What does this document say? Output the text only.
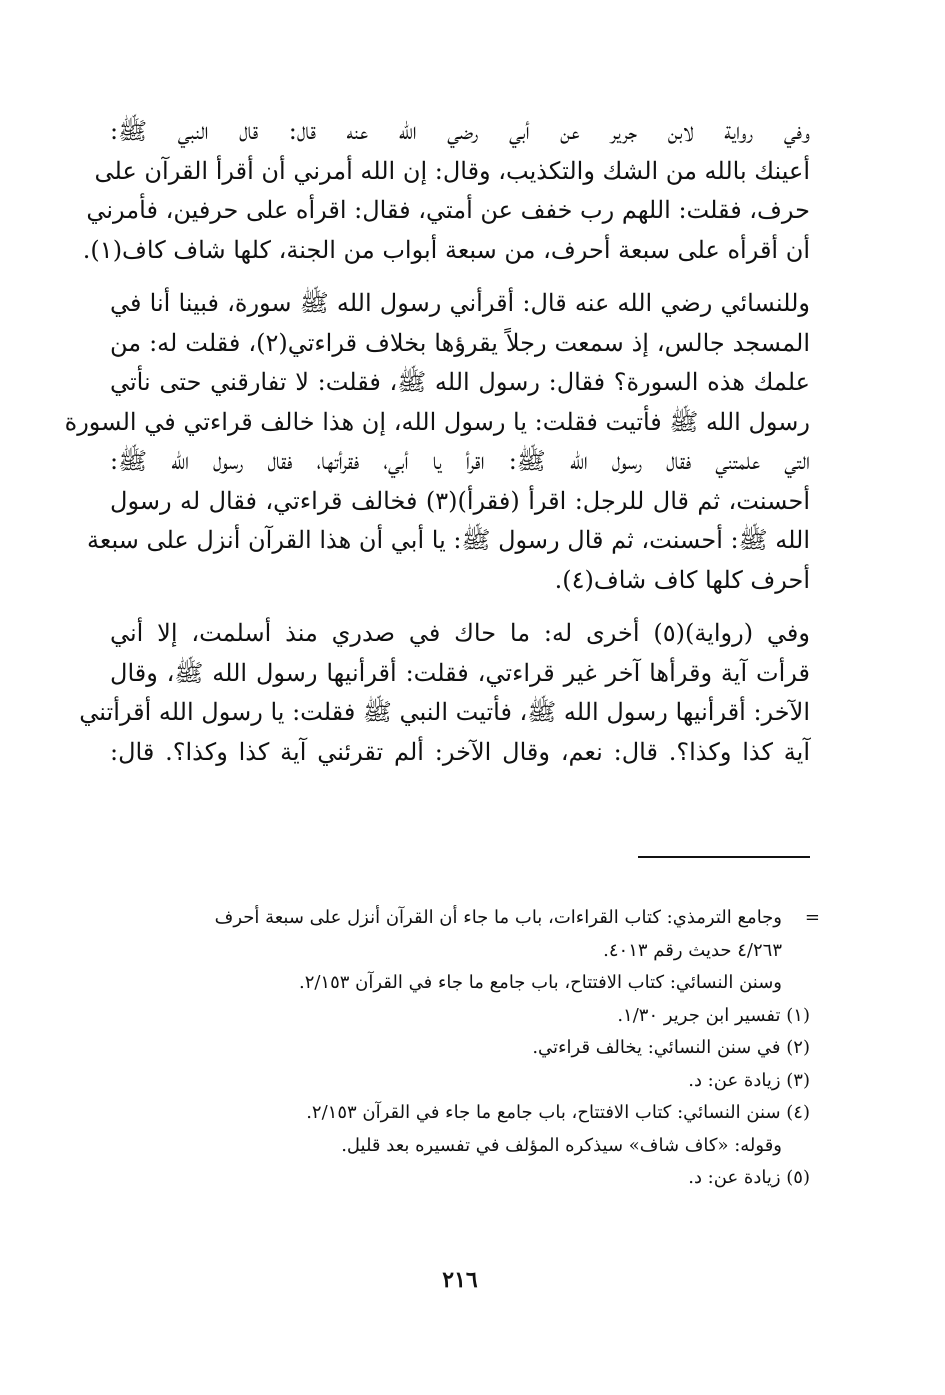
وفي رواية لابن جرير عن أبي رضي الله عنه قال: قال النبي ﷺ:
أعينك بالله من الشك والتكذيب، وقال: إن الله أمرني أن أقرأ القرآن على
حرف، فقلت: اللهم رب خفف عن أمتي، فقال: اقرأه على حرفين، فأمرني
أن أقرأه على سبعة أحرف، من سبعة أبواب من الجنة، كلها شاف كاف(١).
وللنسائي رضي الله عنه قال: أقرأني رسول الله ﷺ سورة، فبينا أنا في
المسجد جالس، إذ سمعت رجلاً يقرؤها بخلاف قراءتي(٢)، فقلت له: من
علمك هذه السورة؟ فقال: رسول الله ﷺ، فقلت: لا تفارقني حتى نأتي
رسول الله ﷺ فأتيت فقلت: يا رسول الله، إن هذا خالف قراءتي في السورة
التي علمتني فقال رسول الله ﷺ: اقرأ يا أبي، فقرأتها، فقال رسول الله ﷺ:
أحسنت، ثم قال للرجل: اقرأ (فقرأ)(٣) فخالف قراءتي، فقال له رسول
الله ﷺ: أحسنت، ثم قال رسول ﷺ: يا أبي أن هذا القرآن أنزل على سبعة
أحرف كلها كاف شاف(٤).
وفي (رواية)(٥) أخرى له: ما حاك في صدري منذ أسلمت، إلا أني
قرأت آية وقرأها آخر غير قراءتي، فقلت: أقرأنيها رسول الله ﷺ، وقال
الآخر: أقرأنيها رسول الله ﷺ، فأتيت النبي ﷺ فقلت: يا رسول الله أقرأتني
آية كذا وكذا؟. قال: نعم، وقال الآخر: ألم تقرئني آية كذا وكذا؟. قال:
=
وجامع الترمذي: كتاب القراءات، باب ما جاء أن القرآن أنزل على سبعة أحرف
٤/٢٦٣ حديث رقم ٤٠١٣.
وسنن النسائي: كتاب الافتتاح، باب جامع ما جاء في القرآن ٢/١٥٣.
(١) تفسير ابن جرير ١/٣٠.
(٢) في سنن النسائي: يخالف قراءتي.
(٣) زيادة عن: د.
(٤) سنن النسائي: كتاب الافتتاح، باب جامع ما جاء في القرآن ٢/١٥٣.
وقوله: «كاف شاف» سيذكره المؤلف في تفسيره بعد قليل.
(٥) زيادة عن: د.
٢١٦
